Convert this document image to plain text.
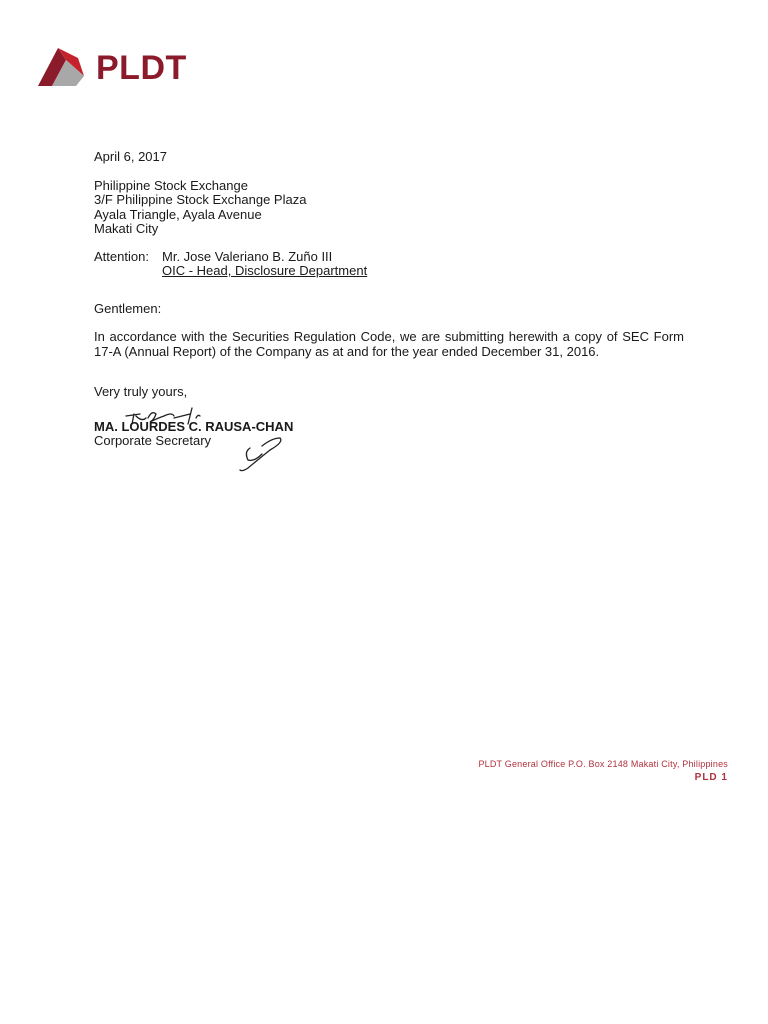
PLDT
April 6, 2017
Philippine Stock Exchange
3/F Philippine Stock Exchange Plaza
Ayala Triangle, Ayala Avenue
Makati City
Attention:	Mr. Jose Valeriano B. Zuño III
OIC - Head, Disclosure Department
Gentlemen:
In accordance with the Securities Regulation Code, we are submitting herewith a copy of SEC Form 17-A (Annual Report) of the Company as at and for the year ended December 31, 2016.
Very truly yours,
MA. LOURDES C. RAUSA-CHAN
Corporate Secretary
PLDT General Office P.O. Box 2148 Makati City, Philippines
PLD 1
